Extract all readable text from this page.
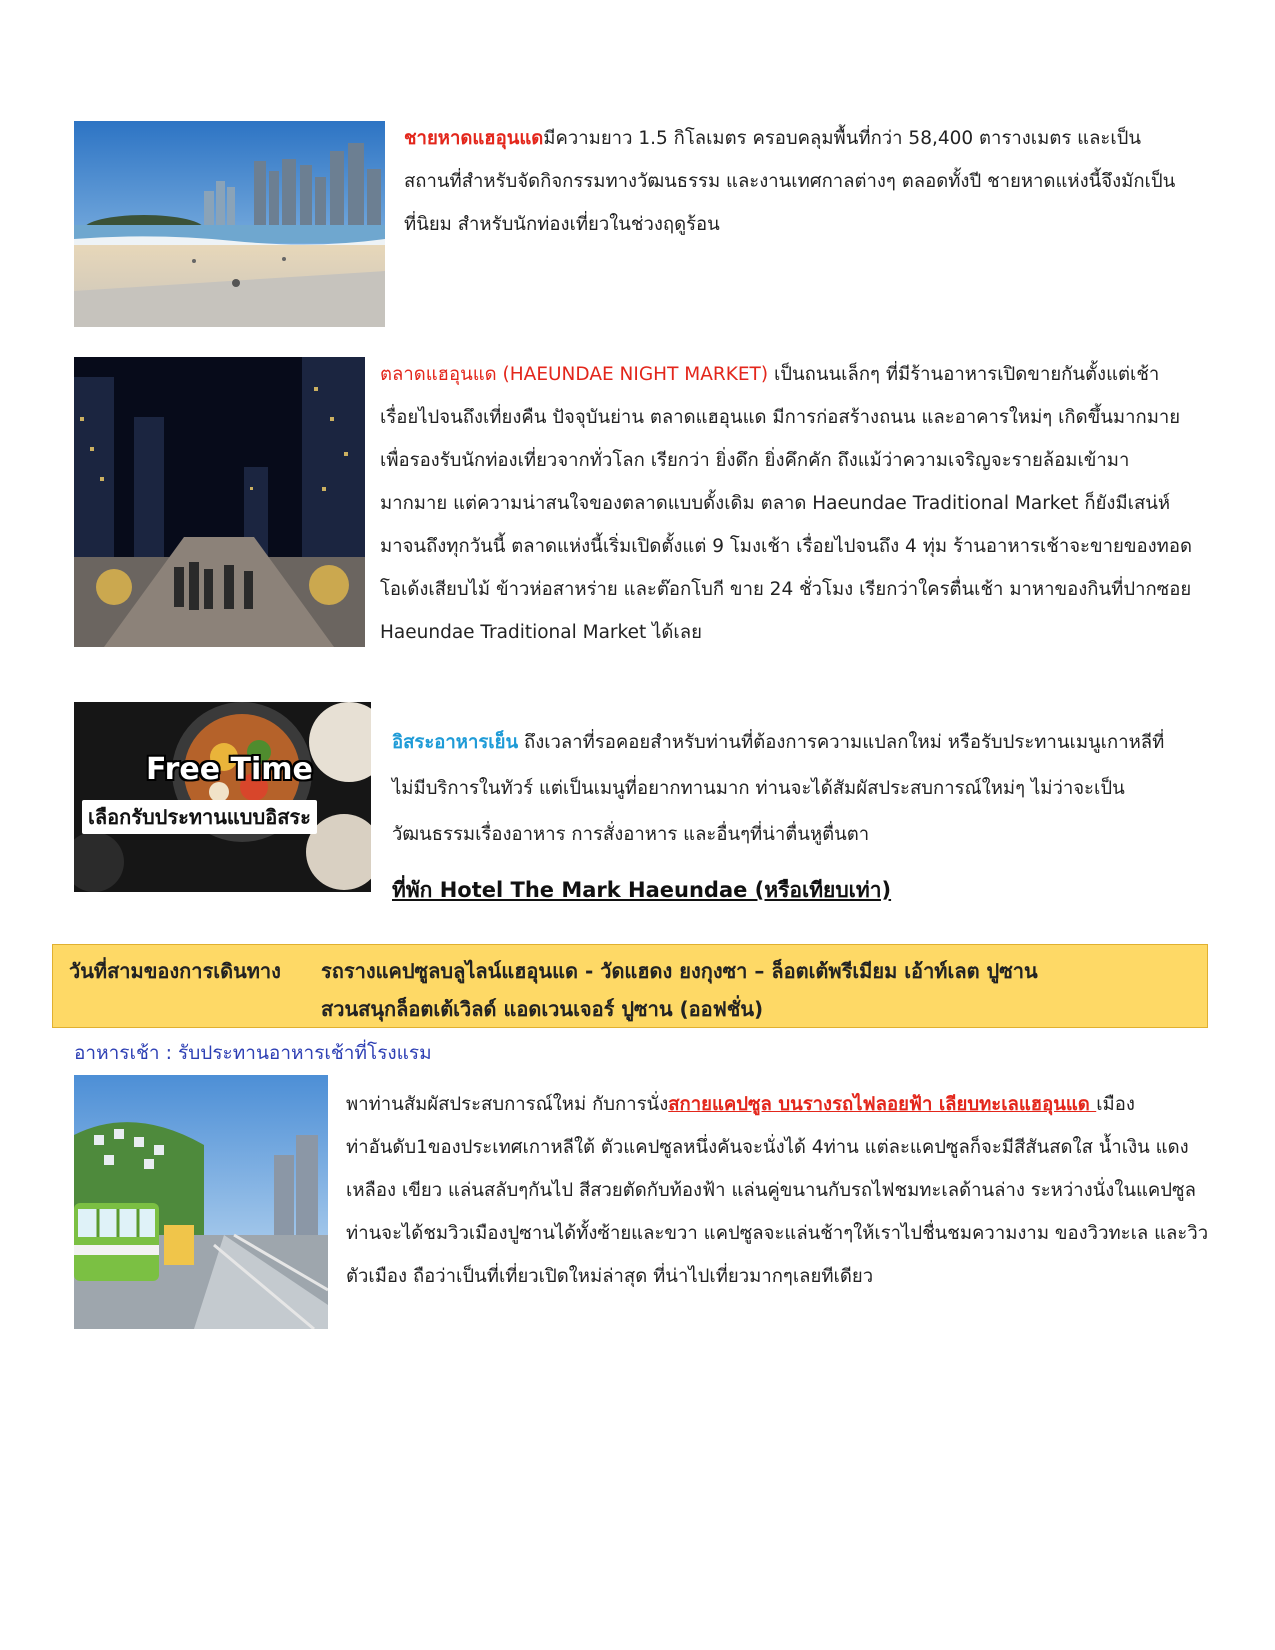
ชายหาดแฮอุนแดมีความยาว 1.5 กิโลเมตร ครอบคลุมพื้นที่กว่า 58,400 ตารางเมตร และเป็น
สถานที่สำหรับจัดกิจกรรมทางวัฒนธรรม และงานเทศกาลต่างๆ ตลอดทั้งปี ชายหาดแห่งนี้จึงมักเป็น
ที่นิยม สำหรับนักท่องเที่ยวในช่วงฤดูร้อน
ตลาดแฮอุนแด (HAEUNDAE NIGHT MARKET) เป็นถนนเล็กๆ ที่มีร้านอาหารเปิดขายกันตั้งแต่เช้า
เรื่อยไปจนถึงเที่ยงคืน ปัจจุบันย่าน ตลาดแฮอุนแด มีการก่อสร้างถนน และอาคารใหม่ๆ เกิดขึ้นมากมาย
เพื่อรองรับนักท่องเที่ยวจากทั่วโลก เรียกว่า ยิ่งดึก ยิ่งคึกคัก ถึงแม้ว่าความเจริญจะรายล้อมเข้ามา
มากมาย แต่ความน่าสนใจของตลาดแบบดั้งเดิม ตลาด Haeundae Traditional Market ก็ยังมีเสน่ห์
มาจนถึงทุกวันนี้ ตลาดแห่งนี้เริ่มเปิดตั้งแต่ 9 โมงเช้า เรื่อยไปจนถึง 4 ทุ่ม ร้านอาหารเช้าจะขายของทอด
โอเด้งเสียบไม้ ข้าวห่อสาหร่าย และต๊อกโบกี ขาย 24 ชั่วโมง เรียกว่าใครตื่นเช้า มาหาของกินที่ปากซอย
Haeundae Traditional Market ได้เลย
Free Time
เลือกรับประทานแบบอิสระ
อิสระอาหารเย็น ถึงเวลาที่รอคอยสำหรับท่านที่ต้องการความแปลกใหม่ หรือรับประทานเมนูเกาหลีที่
ไม่มีบริการในทัวร์ แต่เป็นเมนูที่อยากทานมาก ท่านจะได้สัมผัสประสบการณ์ใหม่ๆ ไม่ว่าจะเป็น
วัฒนธรรมเรื่องอาหาร การสั่งอาหาร และอื่นๆที่น่าตื่นหูตื่นตา
ที่พัก Hotel The Mark Haeundae (หรือเทียบเท่า)
วันที่สามของการเดินทาง รถรางแคปซูลบลูไลน์แฮอุนแด - วัดแฮดง ยงกุงซา – ล็อตเต้พรีเมียม เอ้าท์เลต ปูซาน
สวนสนุกล็อตเต้เวิลด์ แอดเวนเจอร์ ปูซาน (ออฟชั่น)
อาหารเช้า : รับประทานอาหารเช้าที่โรงแรม
พาท่านสัมผัสประสบการณ์ใหม่ กับการนั่งสกายแคปซูล บนรางรถไฟลอยฟ้า เลียบทะเลแฮอุนแด เมือง
ท่าอันดับ1ของประเทศเกาหลีใต้ ตัวแคปซูลหนึ่งคันจะนั่งได้ 4ท่าน แต่ละแคปซูลก็จะมีสีสันสดใส น้ำเงิน แดง
เหลือง เขียว แล่นสลับๆกันไป สีสวยตัดกับท้องฟ้า แล่นคู่ขนานกับรถไฟชมทะเลด้านล่าง ระหว่างนั่งในแคปซูล
ท่านจะได้ชมวิวเมืองปูซานได้ทั้งซ้ายและขวา แคปซูลจะแล่นช้าๆให้เราไปชื่นชมความงาม ของวิวทะเล และวิว
ตัวเมือง ถือว่าเป็นที่เที่ยวเปิดใหม่ล่าสุด ที่น่าไปเที่ยวมากๆเลยทีเดียว
